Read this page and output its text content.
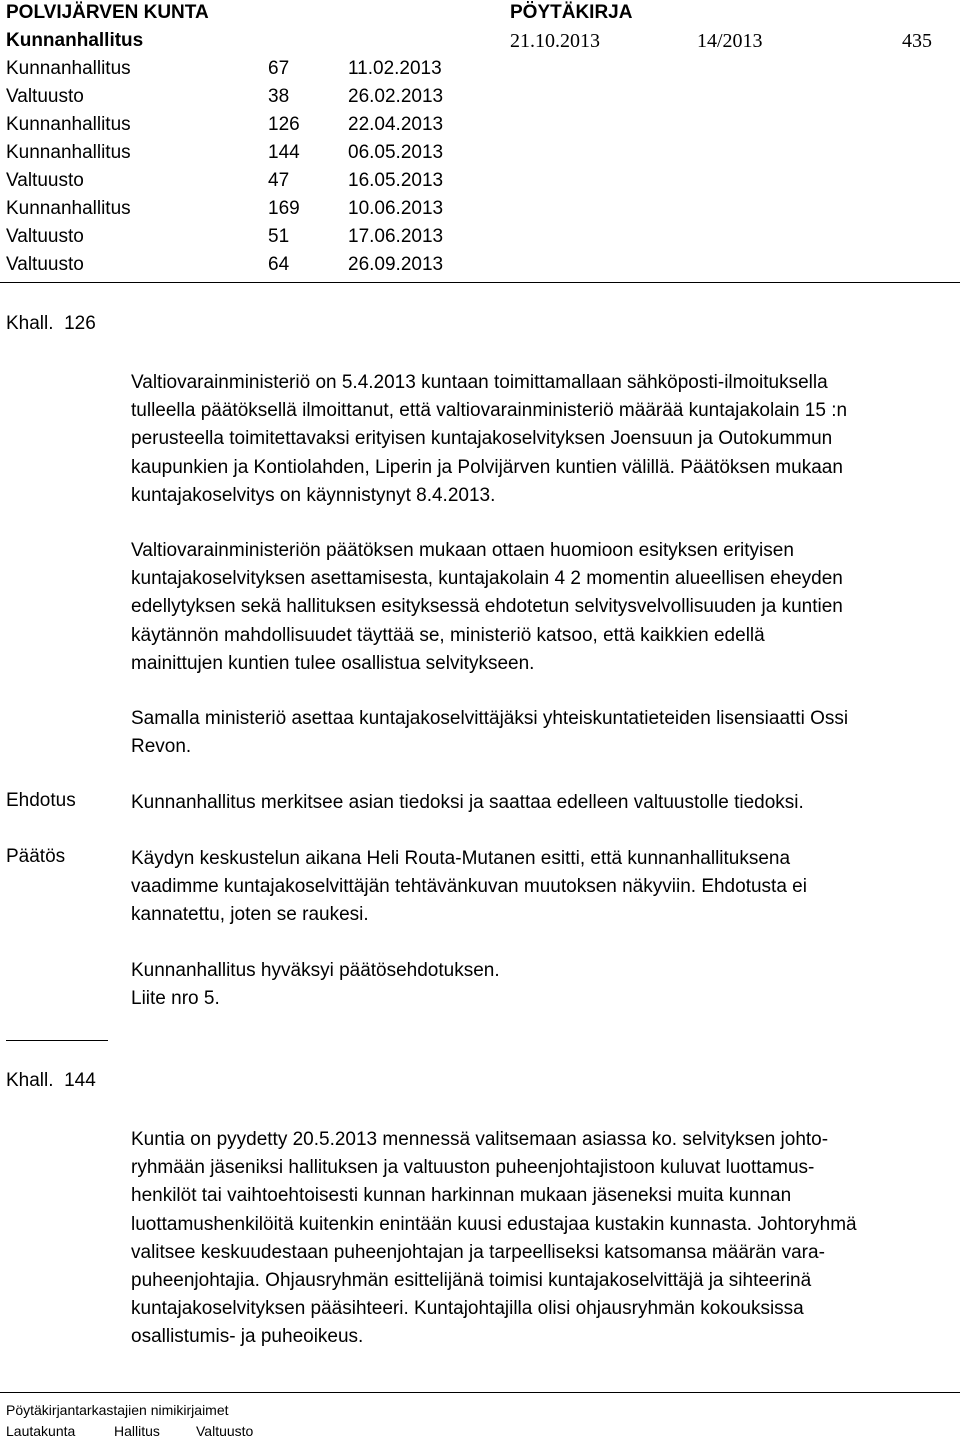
POLVIJÄRVEN KUNTA	PÖYTÄKIRJA
Kunnanhallitus	21.10.2013	14/2013	435
Kunnanhallitus	67	11.02.2013
Valtuusto	38	26.02.2013
Kunnanhallitus	126	22.04.2013
Kunnanhallitus	144	06.05.2013
Valtuusto	47	16.05.2013
Kunnanhallitus	169	10.06.2013
Valtuusto	51	17.06.2013
Valtuusto	64	26.09.2013
Khall.  126
Valtiovarainministeriö on 5.4.2013 kuntaan toimittamallaan sähköposti-ilmoituksella
tulleella päätöksellä ilmoittanut, että valtiovarainministeriö määrää kuntajakolain 15 :n
perusteella toimitettavaksi erityisen kuntajakoselvityksen Joensuun ja Outokummun
kaupunkien ja Kontiolahden, Liperin ja Polvijärven kuntien välillä. Päätöksen mukaan
kuntajakoselvitys on käynnistynyt 8.4.2013.
Valtiovarainministeriön päätöksen mukaan ottaen huomioon esityksen erityisen
kuntajakoselvityksen asettamisesta, kuntajakolain 4 2 momentin alueellisen eheyden
edellytyksen sekä hallituksen esityksessä ehdotetun selvitysvelvollisuuden ja kuntien
käytännön mahdollisuudet täyttää se, ministeriö katsoo, että kaikkien edellä
mainittujen kuntien tulee osallistua selvitykseen.
Samalla ministeriö asettaa kuntajakoselvittäjäksi yhteiskuntatieteiden lisensiaatti Ossi
Revon.
Ehdotus	Kunnanhallitus merkitsee asian tiedoksi ja saattaa edelleen valtuustolle tiedoksi.
Päätös	Käydyn keskustelun aikana Heli Routa-Mutanen esitti, että kunnanhallituksena
vaadimme kuntajakoselvittäjän tehtävänkuvan muutoksen näkyviin. Ehdotusta ei
kannatettu, joten se raukesi.
Kunnanhallitus hyväksyi päätösehdotuksen.
Liite nro 5.
Khall.  144
Kuntia on pyydetty 20.5.2013 mennessä valitsemaan asiassa ko. selvityksen johto-
ryhmään jäseniksi hallituksen ja valtuuston puheenjohtajistoon kuluvat luottamus-
henkilöt tai vaihtoehtoisesti kunnan harkinnan mukaan jäseneksi muita kunnan
luottamushenkilöitä kuitenkin enintään kuusi edustajaa kustakin kunnasta. Johtoryhmä
valitsee keskuudestaan puheenjohtajan ja tarpeelliseksi katsomansa määrän vara-
puheenjohtajia. Ohjausryhmän esittelijänä toimisi kuntajakoselvittäjä ja sihteerinä
kuntajakoselvityksen pääsihteeri. Kuntajohtajilla olisi ohjausryhmän kokouksissa
osallistumis- ja puheoikeus.
Pöytäkirjantarkastajien nimikirjaimet
Lautakunta	Hallitus	Valtuusto
